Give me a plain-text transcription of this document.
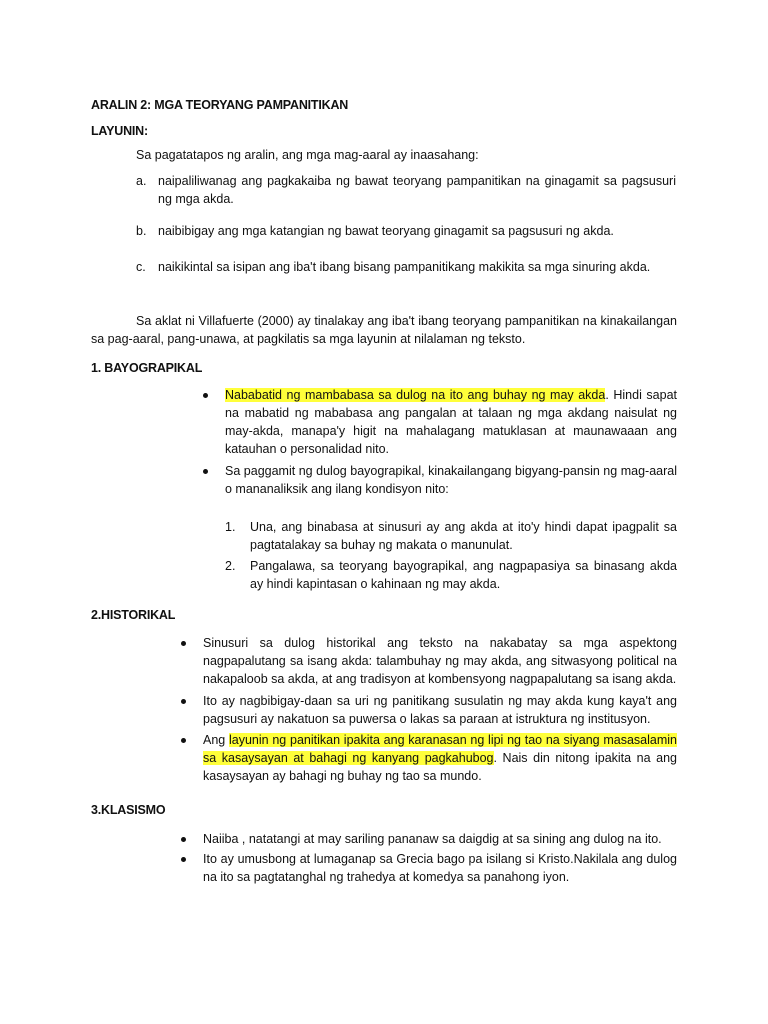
ARALIN 2: MGA TEORYANG PAMPANITIKAN
LAYUNIN:
Sa pagatatapos ng aralin, ang mga mag-aaral ay inaasahang:
a. naipaliliwanag ang pagkakaiba ng bawat teoryang pampanitikan na ginagamit sa pagsusuri ng mga akda.

b. naibibigay ang mga katangian ng bawat teoryang ginagamit sa pagsusuri ng akda.

c. naikikintal sa isipan ang iba't ibang bisang pampanitikang makikita sa mga sinuring akda.

Sa aklat ni Villafuerte (2000) ay tinalakay ang iba't ibang teoryang pampanitikan na kinakailangan sa pag-aaral, pang-unawa, at pagkilatis sa mga layunin at nilalaman ng teksto.

1. BAYOGRAPIKAL

Nababatid ng mambabasa sa dulog na ito ang buhay ng may akda. Hindi sapat na mabatid ng mababasa ang pangalan at talaan ng mga akdang naisulat ng may-akda, manapa'y higit na mahalagang matuklasan at maunawaaan ang katauhan o personalidad nito.

Sa paggamit ng dulog bayograpikal, kinakailangang bigyang-pansin ng mag-aaral o mananaliksik ang ilang kondisyon nito:

1. Una, ang binabasa at sinusuri ay ang akda at ito'y hindi dapat ipagpalit sa pagtatalakay sa buhay ng makata o manunulat.

2. Pangalawa, sa teoryang bayograpikal, ang nagpapasiya sa binasang akda ay hindi kapintasan o kahinaan ng may akda.

2.HISTORIKAL

Sinusuri sa dulog historikal ang teksto na nakabatay sa mga aspektong nagpapalutang sa isang akda: talambuhay ng may akda, ang sitwasyong political na nakapaloob sa akda, at ang tradisyon at kombensyong nagpapalutang sa isang akda.

Ito ay nagbibigay-daan sa uri ng panitikang susulatin ng may akda kung kaya't ang pagsusuri ay nakatuon sa puwersa o lakas sa paraan at istruktura ng institusyon.

Ang layunin ng panitikan ipakita ang karanasan ng lipi ng tao na siyang masasalamin sa kasaysayan at bahagi ng kanyang pagkahubog. Nais din nitong ipakita na ang kasaysayan ay bahagi ng buhay ng tao sa mundo.

3.KLASISMO

Naiiba , natatangi at may sariling pananaw sa daigdig at sa sining ang dulog na ito.

Ito ay umusbong at lumaganap sa Grecia bago pa isilang si Kristo.Nakilala ang dulog na ito sa pagtatanghal ng trahedya at komedya sa panahong iyon.
